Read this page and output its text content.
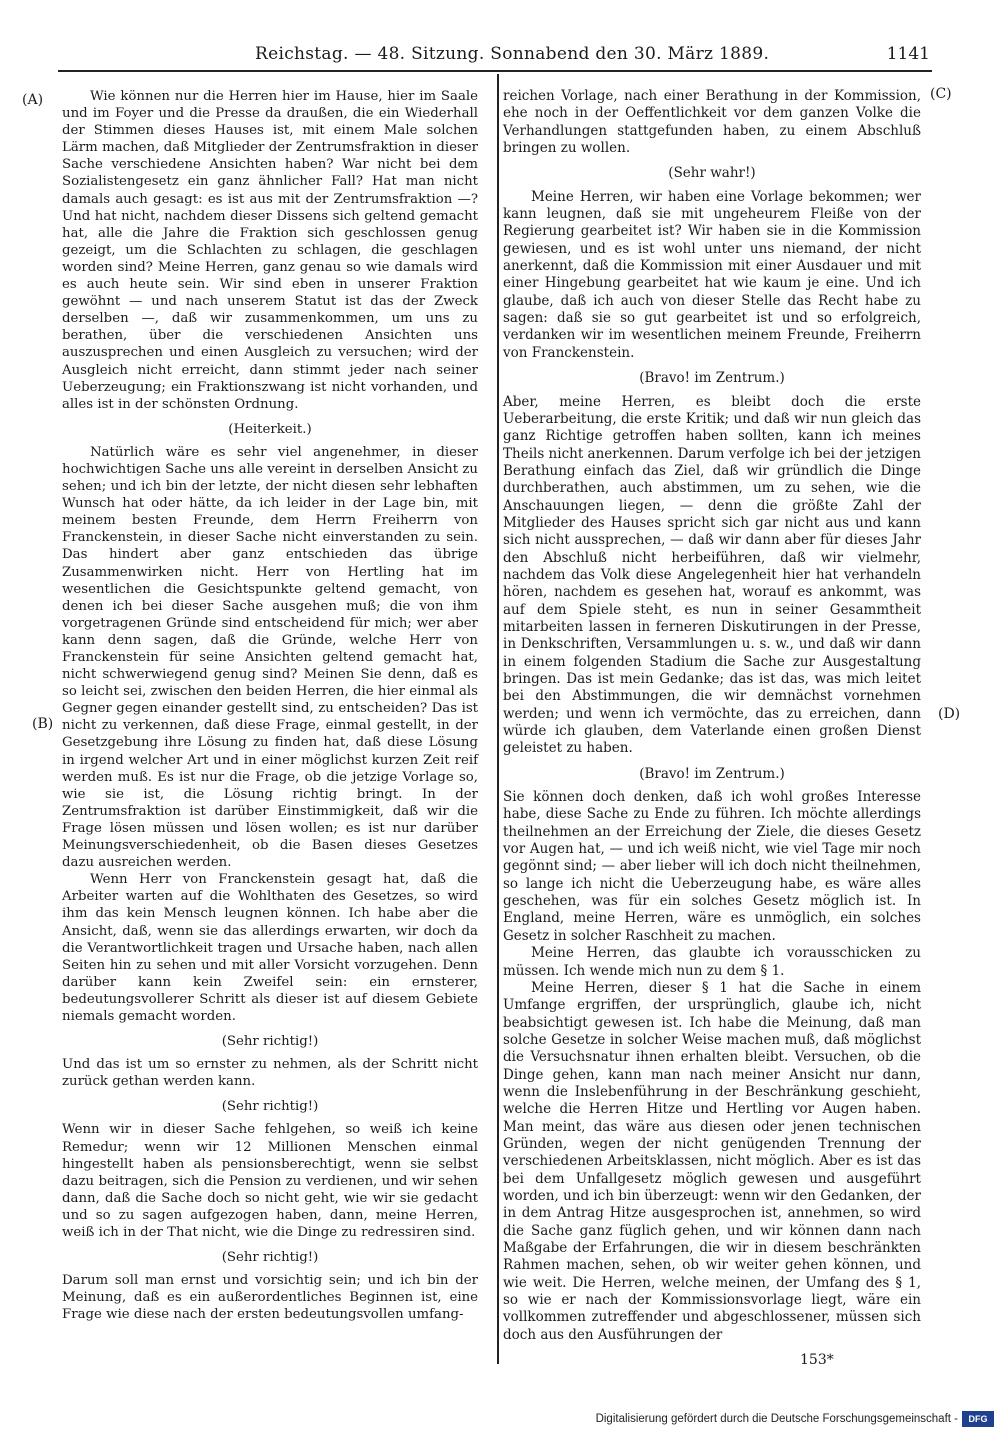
Reichstag. — 48. Sitzung. Sonnabend den 30. März 1889.	1141
(A)
(B)
(C)
(D)

Wie können nur die Herren hier im Hause, hier im Saale und im Foyer und die Presse da draußen, die ein Wiederhall der Stimmen dieses Hauses ist, mit einem Male solchen Lärm machen, daß Mitglieder der Zentrumsfraktion in dieser Sache verschiedene Ansichten haben? War nicht bei dem Sozialistengesetz ein ganz ähnlicher Fall? Hat man nicht damals auch gesagt: es ist aus mit der Zentrumsfraktion —? Und hat nicht, nachdem dieser Dissens sich geltend gemacht hat, alle die Jahre die Fraktion sich geschlossen genug gezeigt, um die Schlachten zu schlagen, die geschlagen worden sind? Meine Herren, ganz genau so wie damals wird es auch heute sein. Wir sind eben in unserer Fraktion gewöhnt — und nach unserem Statut ist das der Zweck derselben —, daß wir zusammenkommen, um uns zu berathen, über die verschiedenen Ansichten uns auszusprechen und einen Ausgleich zu versuchen; wird der Ausgleich nicht erreicht, dann stimmt jeder nach seiner Ueberzeugung; ein Fraktionszwang ist nicht vorhanden, und alles ist in der schönsten Ordnung.

(Heiterkeit.)

Natürlich wäre es sehr viel angenehmer, in dieser hochwichtigen Sache uns alle vereint in derselben Ansicht zu sehen; und ich bin der letzte, der nicht diesen sehr lebhaften Wunsch hat oder hätte, da ich leider in der Lage bin, mit meinem besten Freunde, dem Herrn Freiherrn von Franckenstein, in dieser Sache nicht einverstanden zu sein. Das hindert aber ganz entschieden das übrige Zusammenwirken nicht. Herr von Hertling hat im wesentlichen die Gesichtspunkte geltend gemacht, von denen ich bei dieser Sache ausgehen muß; die von ihm vorgetragenen Gründe sind entscheidend für mich; wer aber kann denn sagen, daß die Gründe, welche Herr von Franckenstein für seine Ansichten geltend gemacht hat, nicht schwerwiegend genug sind? Meinen Sie denn, daß es so leicht sei, zwischen den beiden Herren, die hier einmal als Gegner gegen einander gestellt sind, zu entscheiden? Das ist nicht zu verkennen, daß diese Frage, einmal gestellt, in der Gesetzgebung ihre Lösung zu finden hat, daß diese Lösung in irgend welcher Art und in einer möglichst kurzen Zeit reif werden muß. Es ist nur die Frage, ob die jetzige Vorlage so, wie sie ist, die Lösung richtig bringt. In der Zentrumsfraktion ist darüber Einstimmigkeit, daß wir die Frage lösen müssen und lösen wollen; es ist nur darüber Meinungsverschiedenheit, ob die Basen dieses Gesetzes dazu ausreichen werden.

Wenn Herr von Franckenstein gesagt hat, daß die Arbeiter warten auf die Wohlthaten des Gesetzes, so wird ihm das kein Mensch leugnen können. Ich habe aber die Ansicht, daß, wenn sie das allerdings erwarten, wir doch da die Verantwortlichkeit tragen und Ursache haben, nach allen Seiten hin zu sehen und mit aller Vorsicht vorzugehen. Denn darüber kann kein Zweifel sein: ein ernsterer, bedeutungsvollerer Schritt als dieser ist auf diesem Gebiete niemals gemacht worden.

(Sehr richtig!)

Und das ist um so ernster zu nehmen, als der Schritt nicht zurück gethan werden kann.

(Sehr richtig!)

Wenn wir in dieser Sache fehlgehen, so weiß ich keine Remedur; wenn wir 12 Millionen Menschen einmal hingestellt haben als pensionsberechtigt, wenn sie selbst dazu beitragen, sich die Pension zu verdienen, und wir sehen dann, daß die Sache doch so nicht geht, wie wir sie gedacht und so zu sagen aufgezogen haben, dann, meine Herren, weiß ich in der That nicht, wie die Dinge zu redressiren sind.

(Sehr richtig!)

Darum soll man ernst und vorsichtig sein; und ich bin der Meinung, daß es ein außerordentliches Beginnen ist, eine Frage wie diese nach der ersten bedeutungsvollen umfang-

reichen Vorlage, nach einer Berathung in der Kommission, ehe noch in der Oeffentlichkeit vor dem ganzen Volke die Verhandlungen stattgefunden haben, zu einem Abschluß bringen zu wollen.

(Sehr wahr!)

Meine Herren, wir haben eine Vorlage bekommen; wer kann leugnen, daß sie mit ungeheurem Fleiße von der Regierung gearbeitet ist? Wir haben sie in die Kommission gewiesen, und es ist wohl unter uns niemand, der nicht anerkennt, daß die Kommission mit einer Ausdauer und mit einer Hingebung gearbeitet hat wie kaum je eine. Und ich glaube, daß ich auch von dieser Stelle das Recht habe zu sagen: daß sie so gut gearbeitet ist und so erfolgreich, verdanken wir im wesentlichen meinem Freunde, Freiherrn von Franckenstein.

(Bravo! im Zentrum.)

Aber, meine Herren, es bleibt doch die erste Ueberarbeitung, die erste Kritik; und daß wir nun gleich das ganz Richtige getroffen haben sollten, kann ich meines Theils nicht anerkennen. Darum verfolge ich bei der jetzigen Berathung einfach das Ziel, daß wir gründlich die Dinge durchberathen, auch abstimmen, um zu sehen, wie die Anschauungen liegen, — denn die größte Zahl der Mitglieder des Hauses spricht sich gar nicht aus und kann sich nicht aussprechen, — daß wir dann aber für dieses Jahr den Abschluß nicht herbeiführen, daß wir vielmehr, nachdem das Volk diese Angelegenheit hier hat verhandeln hören, nachdem es gesehen hat, worauf es ankommt, was auf dem Spiele steht, es nun in seiner Gesammtheit mitarbeiten lassen in ferneren Diskutirungen in der Presse, in Denkschriften, Versammlungen u. s. w., und daß wir dann in einem folgenden Stadium die Sache zur Ausgestaltung bringen. Das ist mein Gedanke; das ist das, was mich leitet bei den Abstimmungen, die wir demnächst vornehmen werden; und wenn ich vermöchte, das zu erreichen, dann würde ich glauben, dem Vaterlande einen großen Dienst geleistet zu haben.

(Bravo! im Zentrum.)

Sie können doch denken, daß ich wohl großes Interesse habe, diese Sache zu Ende zu führen. Ich möchte allerdings theilnehmen an der Erreichung der Ziele, die dieses Gesetz vor Augen hat, — und ich weiß nicht, wie viel Tage mir noch gegönnt sind; — aber lieber will ich doch nicht theilnehmen, so lange ich nicht die Ueberzeugung habe, es wäre alles geschehen, was für ein solches Gesetz möglich ist. In England, meine Herren, wäre es unmöglich, ein solches Gesetz in solcher Raschheit zu machen.

Meine Herren, das glaubte ich vorausschicken zu müssen. Ich wende mich nun zu dem § 1.

Meine Herren, dieser § 1 hat die Sache in einem Umfange ergriffen, der ursprünglich, glaube ich, nicht beabsichtigt gewesen ist. Ich habe die Meinung, daß man solche Gesetze in solcher Weise machen muß, daß möglichst die Versuchsnatur ihnen erhalten bleibt. Versuchen, ob die Dinge gehen, kann man nach meiner Ansicht nur dann, wenn die Inslebenführung in der Beschränkung geschieht, welche die Herren Hitze und Hertling vor Augen haben. Man meint, das wäre aus diesen oder jenen technischen Gründen, wegen der nicht genügenden Trennung der verschiedenen Arbeitsklassen, nicht möglich. Aber es ist das bei dem Unfallgesetz möglich gewesen und ausgeführt worden, und ich bin überzeugt: wenn wir den Gedanken, der in dem Antrag Hitze ausgesprochen ist, annehmen, so wird die Sache ganz füglich gehen, und wir können dann nach Maßgabe der Erfahrungen, die wir in diesem beschränkten Rahmen machen, sehen, ob wir weiter gehen können, und wie weit. Die Herren, welche meinen, der Umfang des § 1, so wie er nach der Kommissionsvorlage liegt, wäre ein vollkommen zutreffender und abgeschlossener, müssen sich doch aus den Ausführungen der

153*
Digitalisierung gefördert durch die Deutsche Forschungsgemeinschaft -	DFG
